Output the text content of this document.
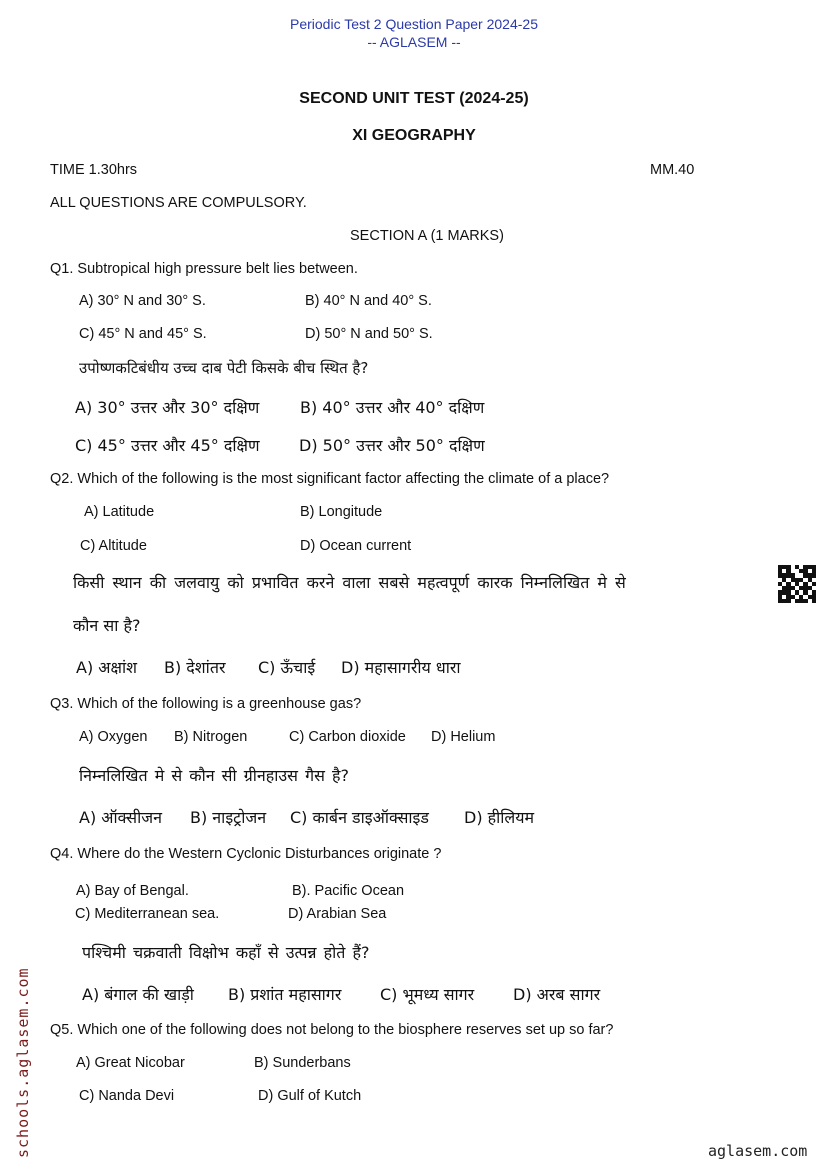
Periodic Test 2 Question Paper 2024-25
-- AGLASEM --
SECOND UNIT TEST (2024-25)
XI GEOGRAPHY
TIME 1.30hrs	MM.40
ALL QUESTIONS ARE COMPULSORY.
SECTION A (1 MARKS)
Q1. Subtropical high pressure belt lies between.
A) 30° N and 30° S.	B) 40° N and 40° S.
C) 45° N and 45° S.	D) 50° N and 50° S.
उपोष्णकटिबंधीय उच्च दाब पेटी किसके बीच स्थित है?
A) 30° उत्तर और 30° दक्षिण	B) 40° उत्तर और 40° दक्षिण
C) 45° उत्तर और 45° दक्षिण D) 50° उत्तर और 50° दक्षिण
Q2. Which of the following is the most significant factor affecting the climate of a place?
A) Latitude	B) Longitude
C) Altitude	D) Ocean current
किसी स्थान की जलवायु को प्रभावित करने वाला सबसे महत्वपूर्ण कारक निम्नलिखित मे से
कौन सा है?
A) अक्षांश B) देशांतर C) ऊँचाई D) महासागरीय धारा
Q3. Which of the following is a greenhouse gas?
A) Oxygen B) Nitrogen	C) Carbon dioxide D) Helium
निम्नलिखित मे से कौन सी ग्रीनहाउस गैस है?
A) ऑक्सीजन B) नाइट्रोजन C) कार्बन डाइऑक्साइड D) हीलियम
Q4. Where do the Western Cyclonic Disturbances originate ?
A) Bay of Bengal.	B). Pacific Ocean
C) Mediterranean sea.	D) Arabian Sea
पश्चिमी चक्रवाती विक्षोभ कहाँ से उत्पन्न होते हैं?
A) बंगाल की खाड़ी B) प्रशांत महासागर C) भूमध्य सागर D) अरब सागर
Q5. Which one of the following does not belong to the biosphere reserves set up so far?
A) Great Nicobar	B) Sunderbans
C) Nanda Devi	D) Gulf of Kutch
schools.aglasem.com	aglasem.com
